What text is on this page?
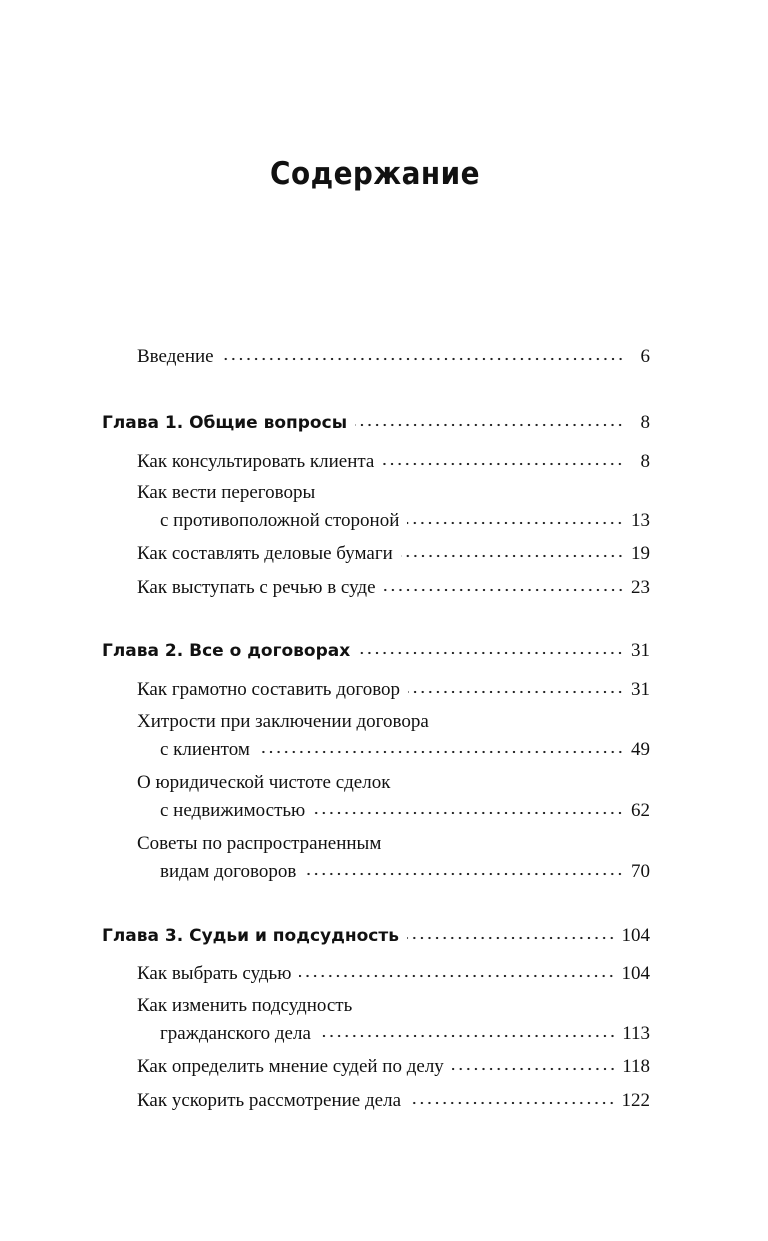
Содержание
Введение	6
Глава 1. Общие вопросы	8
Как консультировать клиента	8
Как вести переговоры
с противоположной стороной	13
Как составлять деловые бумаги	19
Как выступать с речью в суде	23
Глава 2. Все о договорах	31
Как грамотно составить договор	31
Хитрости при заключении договора
с клиентом	49
О юридической чистоте сделок
с недвижимостью	62
Советы по распространенным
видам договоров	70
Глава 3. Судьи и подсудность	104
Как выбрать судью	104
Как изменить подсудность
гражданского дела	113
Как определить мнение судей по делу	118
Как ускорить рассмотрение дела	122
